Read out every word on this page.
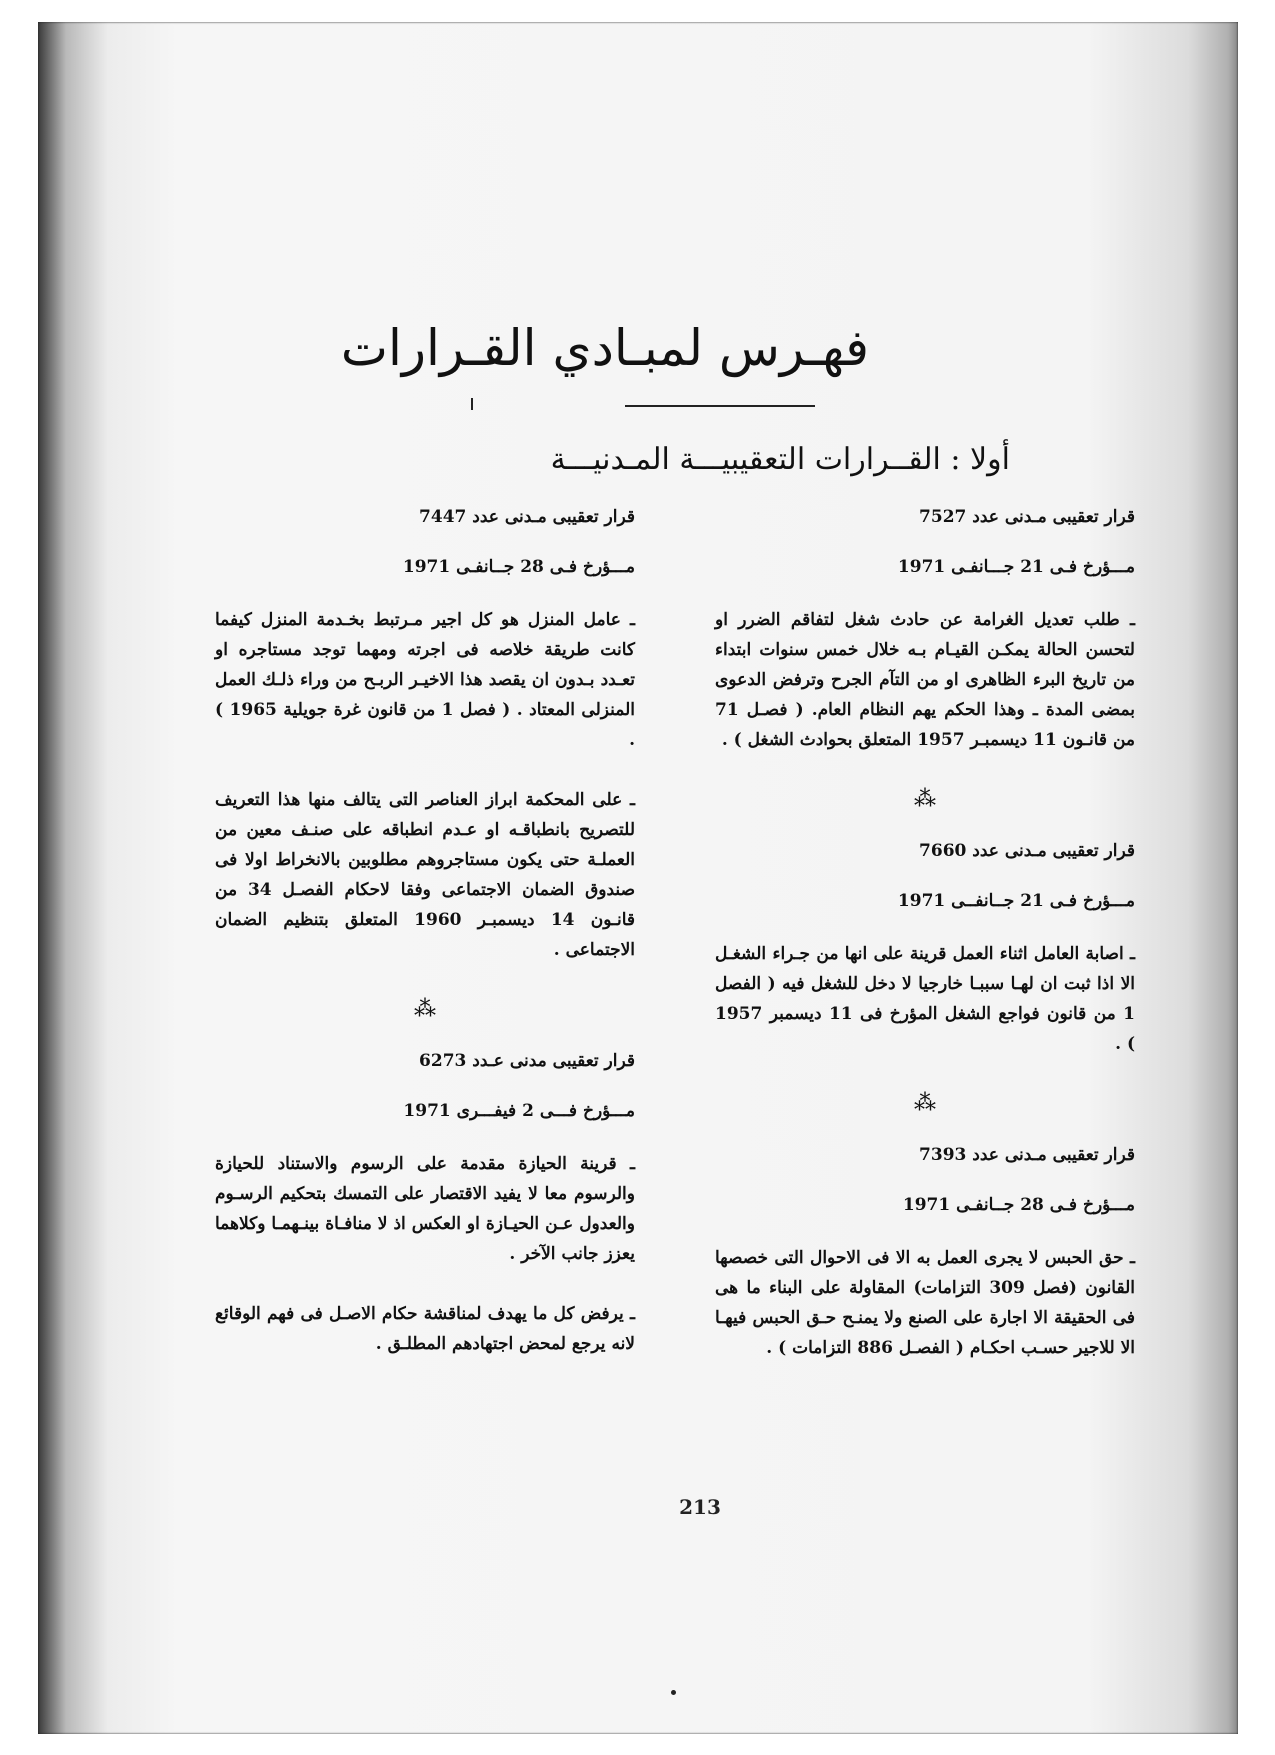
فهـرس لمبـادي القـرارات
أولا : القــرارات التعقيبيـــة المـدنيـــة
قرار تعقيبى مـدنى عدد 7527
مـــؤرخ فـى 21 جـــانفـى 1971
ـ طلب تعديل الغرامة عن حادث شغل لتفاقم الضرر او لتحسن الحالة يمكـن القيـام بـه خلال خمس سنوات ابتداء من تاريخ البرء الظاهرى او من التآم الجرح وترفض الدعوى بمضى المدة ـ وهذا الحكم يهم النظام العام. ( فصـل 71 من قانـون 11 ديسمبـر 1957 المتعلق بحوادث الشغل ) .
⁂
قرار تعقيبى مـدنى عدد 7660
مـــؤرخ فـى 21 جــانفــى 1971
ـ اصابة العامل اثناء العمل قرينة على انها من جـراء الشغـل الا اذا ثبت ان لهـا سببـا خارجيا لا دخل للشغل فيه ( الفصل 1 من قانون فواجع الشغل المؤرخ فى 11 ديسمبر 1957 ) .
⁂
قرار تعقيبى مـدنى عدد 7393
مـــؤرخ فـى 28 جــانفـى 1971
ـ حق الحبس لا يجرى العمل به الا فى الاحوال التى خصصها القانون (فصل 309 التزامات) المقاولة على البناء ما هى فى الحقيقة الا اجارة على الصنع ولا يمنـح حـق الحبس فيهـا الا للاجير حسـب احكـام ( الفصـل 886 التزامات ) .
قرار تعقيبى مـدنى عدد 7447
مـــؤرخ فـى 28 جــانفـى 1971
ـ عامل المنزل هو كل اجير مـرتبط بخـدمة المنزل كيفما كانت طريقة خلاصه فى اجرته ومهما توجد مستاجره او تعـدد بـدون ان يقصد هذا الاخيـر الربـح من وراء ذلـك العمل المنزلى المعتاد . ( فصل 1 من قانون غرة جويلية 1965 ) .
ـ على المحكمة ابراز العناصر التى يتالف منها هذا التعريف للتصريح بانطباقـه او عـدم انطباقه على صنـف معين من العملـة حتى يكون مستاجروهم مطلوبين بالانخراط اولا فى صندوق الضمان الاجتماعى وفقا لاحكام الفصـل 34 من قانـون 14 ديسمبـر 1960 المتعلق بتنظيم الضمان الاجتماعى .
⁂
قرار تعقيبى مدنى عـدد 6273
مـــؤرخ فـــى 2 فيفـــرى 1971
ـ قرينة الحيازة مقدمة على الرسوم والاستناد للحيازة والرسوم معا لا يفيد الاقتصار على التمسك بتحكيم الرسـوم والعدول عـن الحيـازة او العكس اذ لا منافـاة بينـهمـا وكلاهما يعزز جانب الآخر .
ـ يرفض كل ما يهدف لمناقشة حكام الاصـل فى فهم الوقائع لانه يرجع لمحض اجتهادهم المطلـق .
213
